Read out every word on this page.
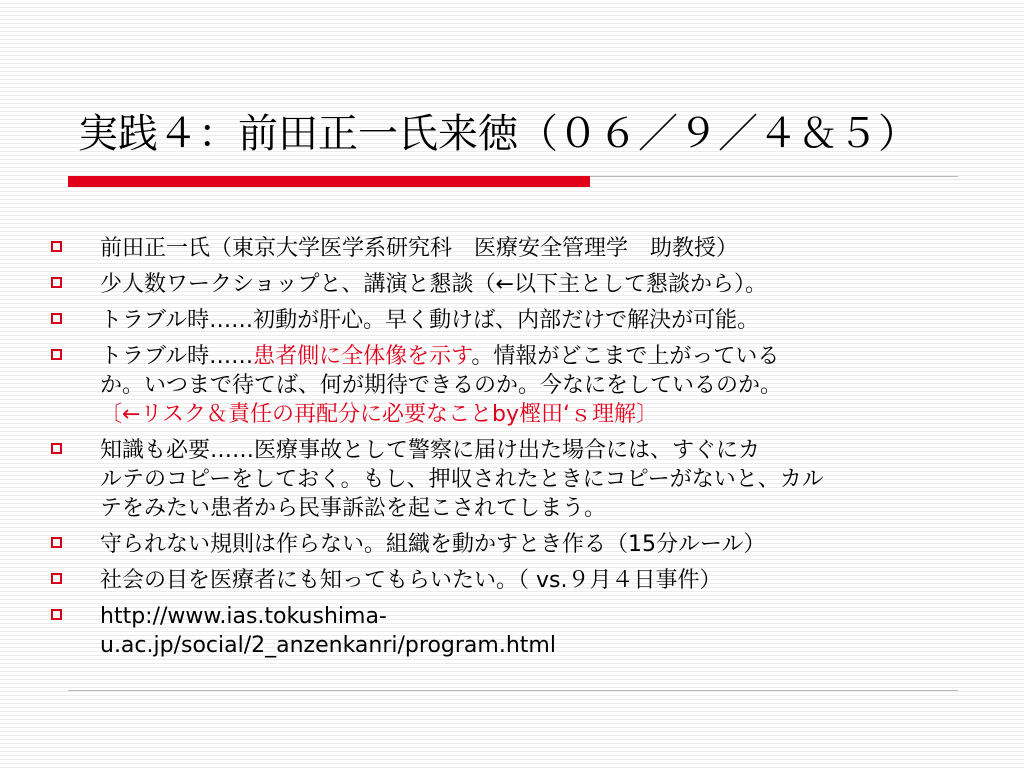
実践４：前田正一氏来徳（０６／９／４＆５）
前田正一氏（東京大学医学系研究科　医療安全管理学　助教授）
少人数ワークショップと、講演と懇談（←以下主として懇談から）。
トラブル時……初動が肝心。早く動けば、内部だけで解決が可能。
トラブル時……患者側に全体像を示す。情報がどこまで上がっている
か。いつまで待てば、何が期待できるのか。今なにをしているのか。
〔←リスク＆責任の再配分に必要なことby樫田‘ｓ理解〕
知識も必要……医療事故として警察に届け出た場合には、すぐにカ
ルテのコピーをしておく。もし、押収されたときにコピーがないと、カル
テをみたい患者から民事訴訟を起こされてしまう。
守られない規則は作らない。組織を動かすとき作る（15分ルール）
社会の目を医療者にも知ってもらいたい。（ vs.９月４日事件）
http://www.ias.tokushima-
u.ac.jp/social/2_anzenkanri/program.html
